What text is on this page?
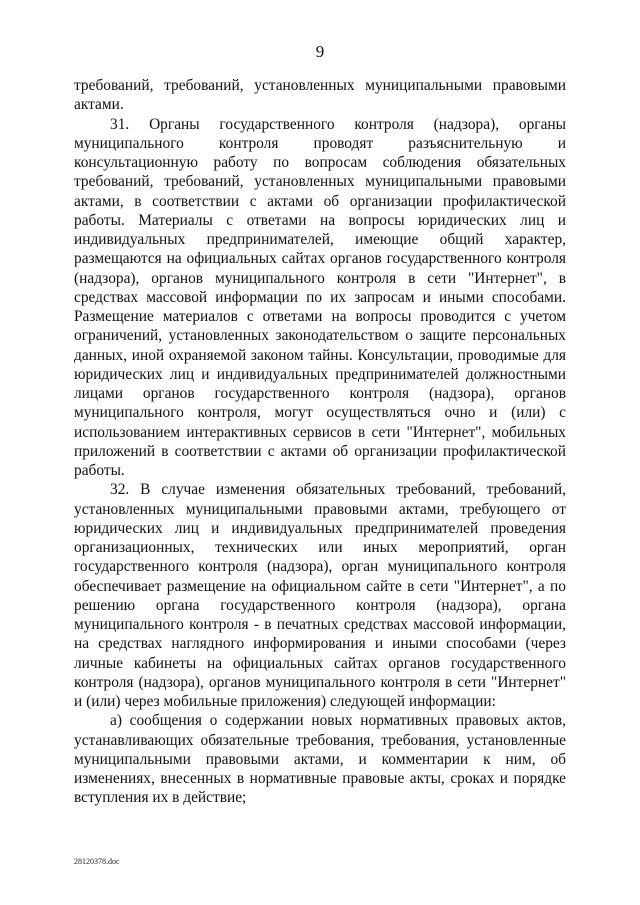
9

требований, требований, установленных муниципальными правовыми актами.

31. Органы государственного контроля (надзора), органы муниципального контроля проводят разъяснительную и консультационную работу по вопросам соблюдения обязательных требований, требований, установленных муниципальными правовыми актами, в соответствии с актами об организации профилактической работы. Материалы с ответами на вопросы юридических лиц и индивидуальных предпринимателей, имеющие общий характер, размещаются на официальных сайтах органов государственного контроля (надзора), органов муниципального контроля в сети "Интернет", в средствах массовой информации по их запросам и иными способами. Размещение материалов с ответами на вопросы проводится с учетом ограничений, установленных законодательством о защите персональных данных, иной охраняемой законом тайны. Консультации, проводимые для юридических лиц и индивидуальных предпринимателей должностными лицами органов государственного контроля (надзора), органов муниципального контроля, могут осуществляться очно и (или) с использованием интерактивных сервисов в сети "Интернет", мобильных приложений в соответствии с актами об организации профилактической работы.

32. В случае изменения обязательных требований, требований, установленных муниципальными правовыми актами, требующего от юридических лиц и индивидуальных предпринимателей проведения организационных, технических или иных мероприятий, орган государственного контроля (надзора), орган муниципального контроля обеспечивает размещение на официальном сайте в сети "Интернет", а по решению органа государственного контроля (надзора), органа муниципального контроля - в печатных средствах массовой информации, на средствах наглядного информирования и иными способами (через личные кабинеты на официальных сайтах органов государственного контроля (надзора), органов муниципального контроля в сети "Интернет" и (или) через мобильные приложения) следующей информации:

а) сообщения о содержании новых нормативных правовых актов, устанавливающих обязательные требования, требования, установленные муниципальными правовыми актами, и комментарии к ним, об изменениях, внесенных в нормативные правовые акты, сроках и порядке вступления их в действие;

28120378.doc
